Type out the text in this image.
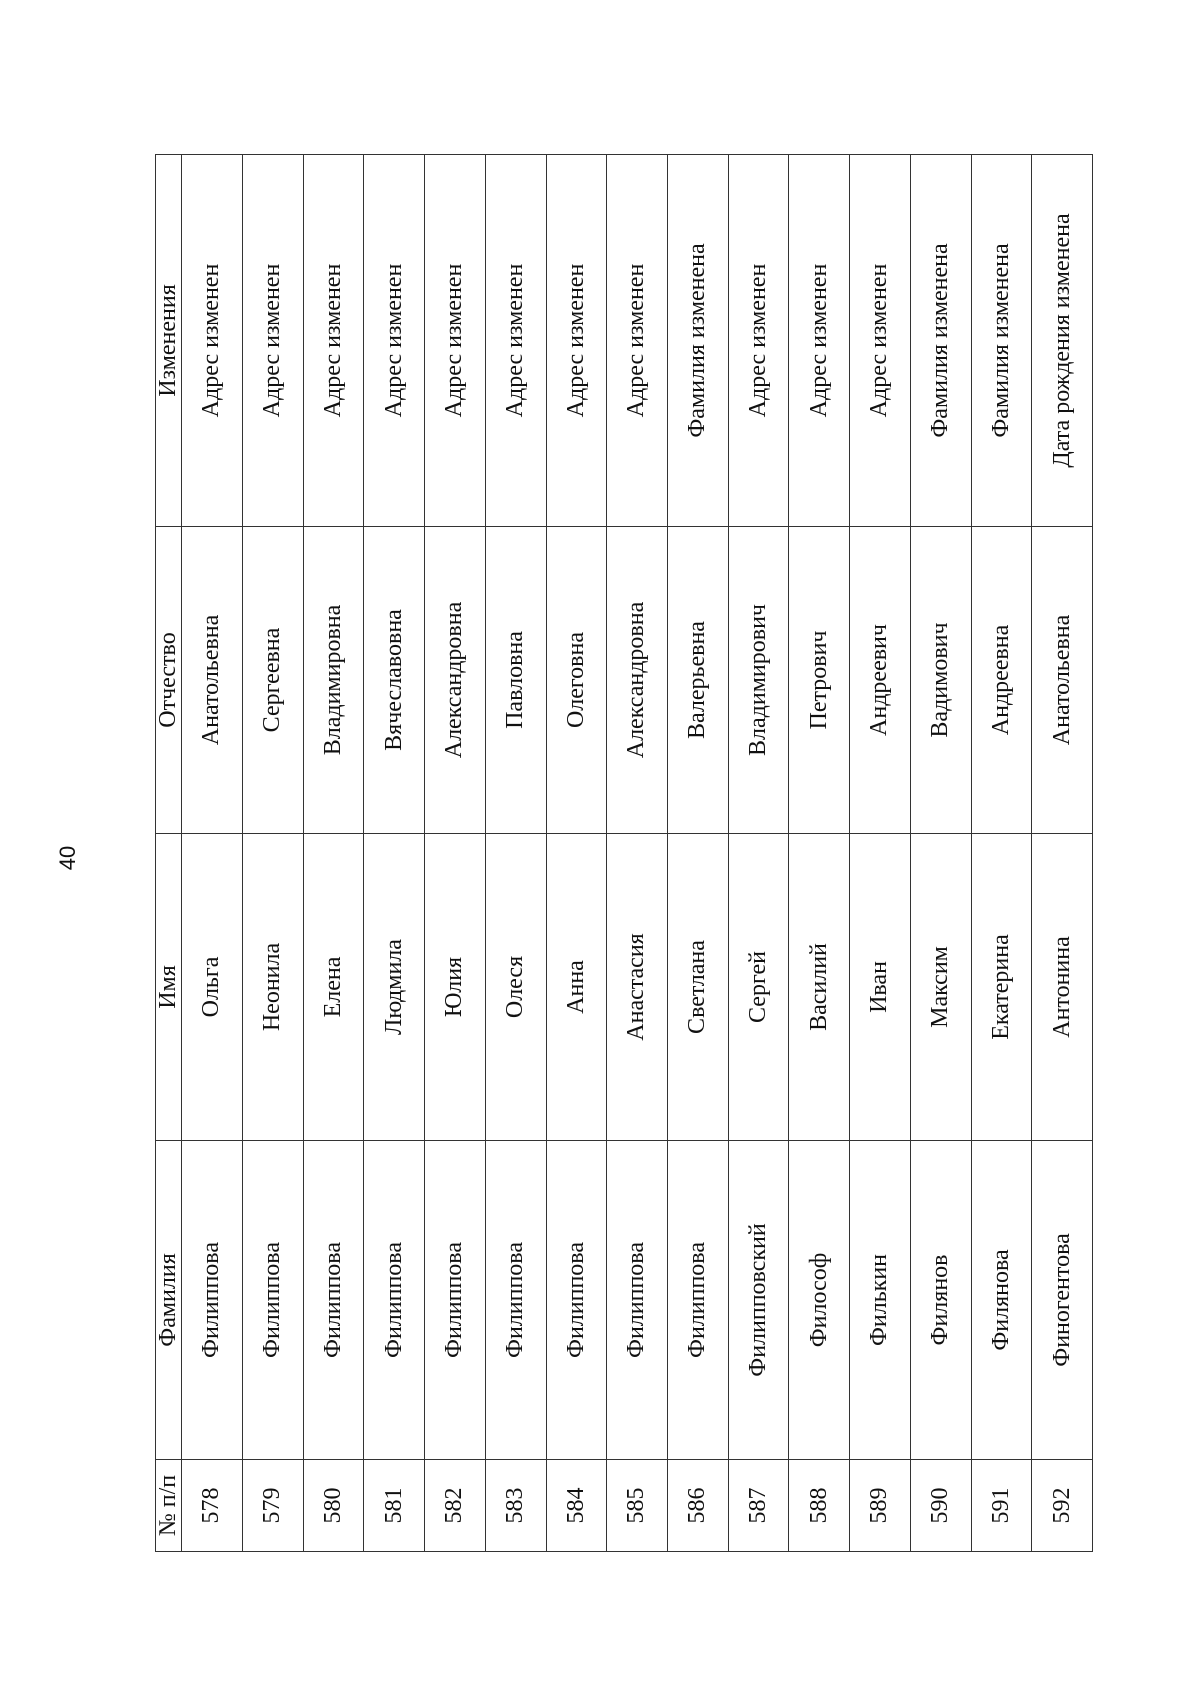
40
№ п/п	Фамилия	Имя	Отчество	Изменения
578	Филиппова	Ольга	Анатольевна	Адрес изменен
579	Филиппова	Неонила	Сергеевна	Адрес изменен
580	Филиппова	Елена	Владимировна	Адрес изменен
581	Филиппова	Людмила	Вячеславовна	Адрес изменен
582	Филиппова	Юлия	Александровна	Адрес изменен
583	Филиппова	Олеся	Павловна	Адрес изменен
584	Филиппова	Анна	Олеговна	Адрес изменен
585	Филиппова	Анастасия	Александровна	Адрес изменен
586	Филиппова	Светлана	Валерьевна	Фамилия изменена
587	Филипповский	Сергей	Владимирович	Адрес изменен
588	Философ	Василий	Петрович	Адрес изменен
589	Филькин	Иван	Андреевич	Адрес изменен
590	Филянов	Максим	Вадимович	Фамилия изменена
591	Филянова	Екатерина	Андреевна	Фамилия изменена
592	Финогентова	Антонина	Анатольевна	Дата рождения изменена
